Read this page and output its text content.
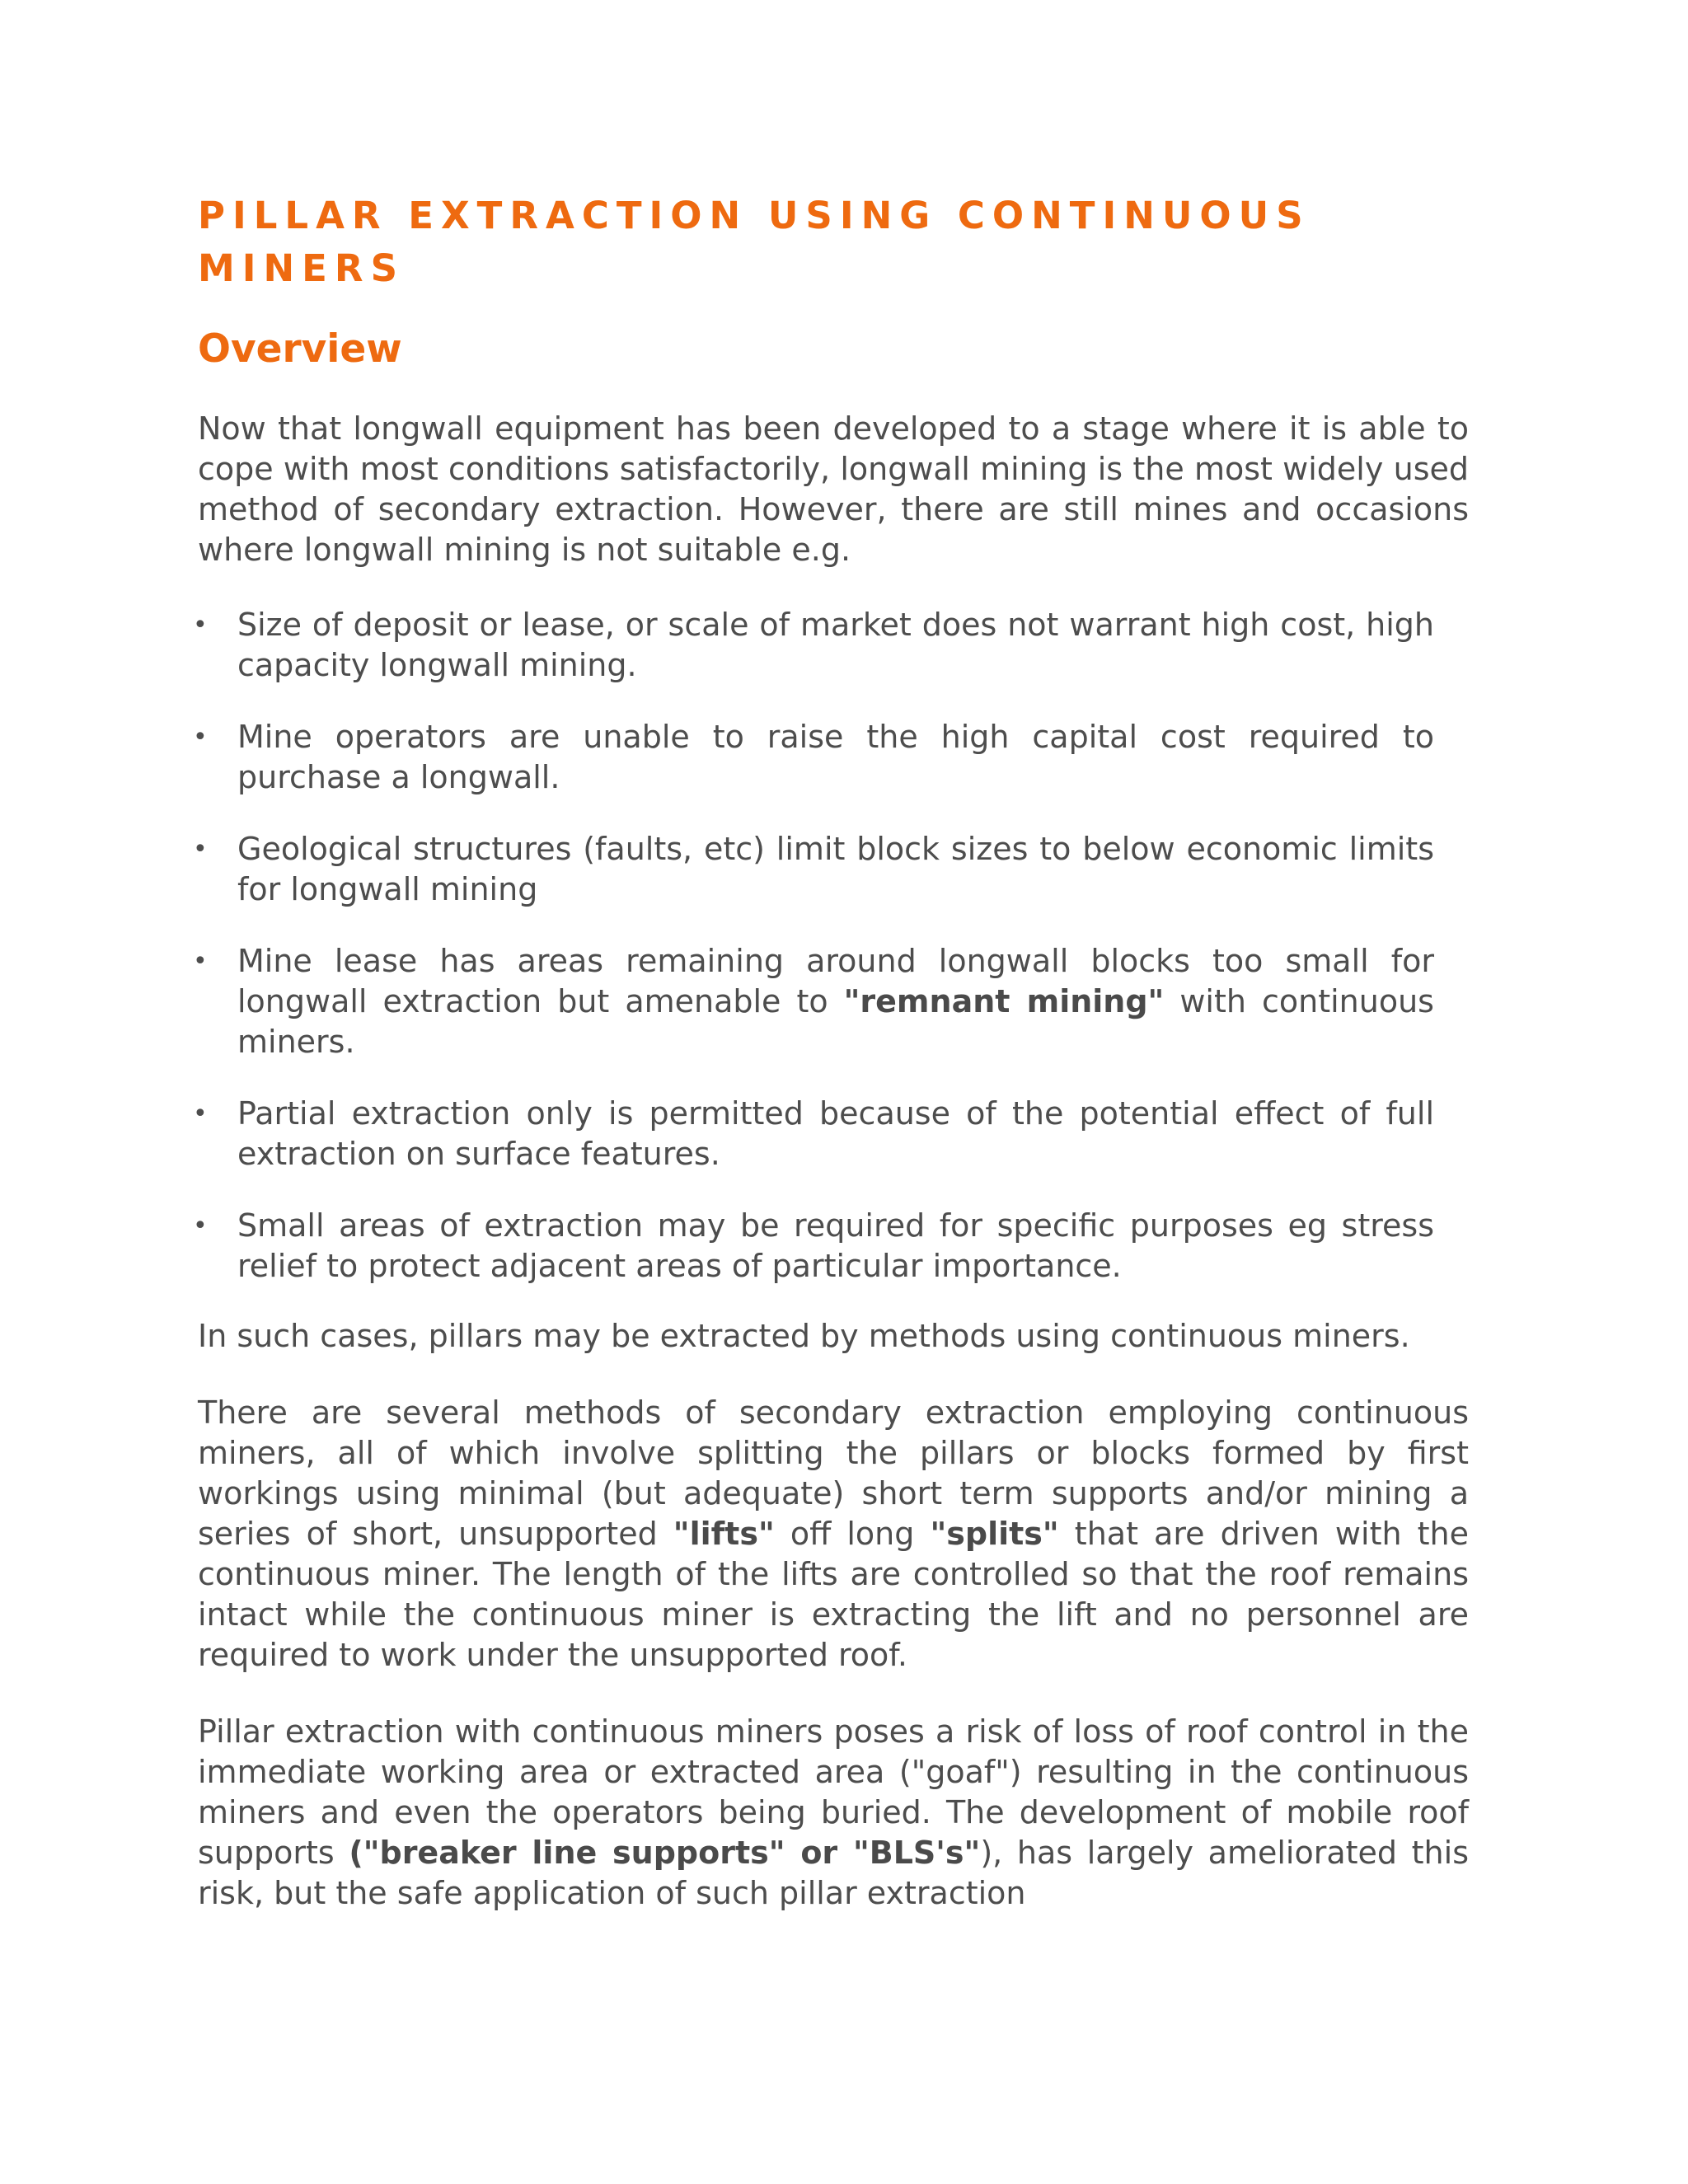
PILLAR EXTRACTION USING CONTINUOUS MINERS
Overview

Now that longwall equipment has been developed to a stage where it is able to cope with most conditions satisfactorily, longwall mining is the most widely used method of secondary extraction. However, there are still mines and occasions where longwall mining is not suitable e.g.

• Size of deposit or lease, or scale of market does not warrant high cost, high capacity longwall mining.
• Mine operators are unable to raise the high capital cost required to purchase a longwall.
• Geological structures (faults, etc) limit block sizes to below economic limits for longwall mining
• Mine lease has areas remaining around longwall blocks too small for longwall extraction but amenable to "remnant mining" with continuous miners.
• Partial extraction only is permitted because of the potential effect of full extraction on surface features.
• Small areas of extraction may be required for specific purposes eg stress relief to protect adjacent areas of particular importance.

In such cases, pillars may be extracted by methods using continuous miners.

There are several methods of secondary extraction employing continuous miners, all of which involve splitting the pillars or blocks formed by first workings using minimal (but adequate) short term supports and/or mining a series of short, unsupported "lifts" off long "splits" that are driven with the continuous miner. The length of the lifts are controlled so that the roof remains intact while the continuous miner is extracting the lift and no personnel are required to work under the unsupported roof.

Pillar extraction with continuous miners poses a risk of loss of roof control in the immediate working area or extracted area ("goaf") resulting in the continuous miners and even the operators being buried. The development of mobile roof supports ("breaker line supports" or "BLS's"), has largely ameliorated this risk, but the safe application of such pillar extraction
